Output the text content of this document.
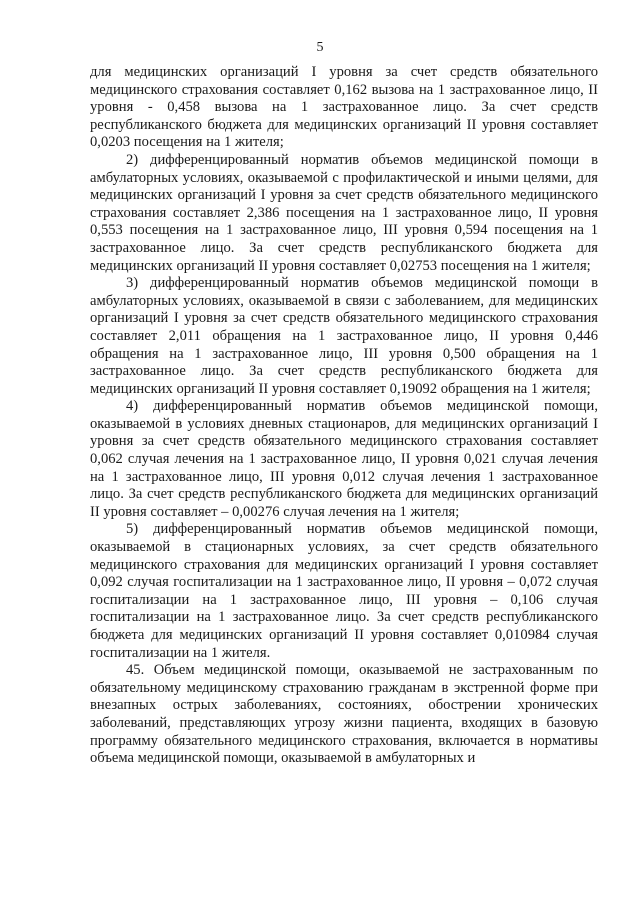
5

для медицинских организаций I уровня за счет средств обязательного медицинского страхования составляет 0,162 вызова на 1 застрахованное лицо, II уровня - 0,458 вызова на 1 застрахованное лицо. За счет средств республиканского бюджета для медицинских организаций II уровня составляет 0,0203 посещения на 1 жителя;

2) дифференцированный норматив объемов медицинской помощи в амбулаторных условиях, оказываемой с профилактической и иными целями, для медицинских организаций I уровня за счет средств обязательного медицинского страхования составляет 2,386 посещения на 1 застрахованное лицо, II уровня 0,553 посещения на 1 застрахованное лицо, III уровня 0,594 посещения на 1 застрахованное лицо. За счет средств республиканского бюджета для медицинских организаций II уровня составляет 0,02753 посещения на 1 жителя;

3) дифференцированный норматив объемов медицинской помощи в амбулаторных условиях, оказываемой в связи с заболеванием, для медицинских организаций I уровня за счет средств обязательного медицинского страхования составляет 2,011 обращения на 1 застрахованное лицо, II уровня 0,446 обращения на 1 застрахованное лицо, III уровня 0,500 обращения на 1 застрахованное лицо. За счет средств республиканского бюджета для медицинских организаций II уровня составляет 0,19092 обращения на 1 жителя;

4) дифференцированный норматив объемов медицинской помощи, оказываемой в условиях дневных стационаров, для медицинских организаций I уровня за счет средств обязательного медицинского страхования составляет 0,062 случая лечения на 1 застрахованное лицо, II уровня 0,021 случая лечения на 1 застрахованное лицо, III уровня 0,012 случая лечения 1 застрахованное лицо. За счет средств республиканского бюджета для медицинских организаций II уровня составляет – 0,00276 случая лечения на 1 жителя;

5) дифференцированный норматив объемов медицинской помощи, оказываемой в стационарных условиях, за счет средств обязательного медицинского страхования для медицинских организаций I уровня составляет 0,092 случая госпитализации на 1 застрахованное лицо, II уровня – 0,072 случая госпитализации на 1 застрахованное лицо, III уровня – 0,106 случая госпитализации на 1 застрахованное лицо. За счет средств республиканского бюджета для медицинских организаций II уровня составляет 0,010984 случая госпитализации на 1 жителя.

45. Объем медицинской помощи, оказываемой не застрахованным по обязательному медицинскому страхованию гражданам в экстренной форме при внезапных острых заболеваниях, состояниях, обострении хронических заболеваний, представляющих угрозу жизни пациента, входящих в базовую программу обязательного медицинского страхования, включается в нормативы объема медицинской помощи, оказываемой в амбулаторных и
